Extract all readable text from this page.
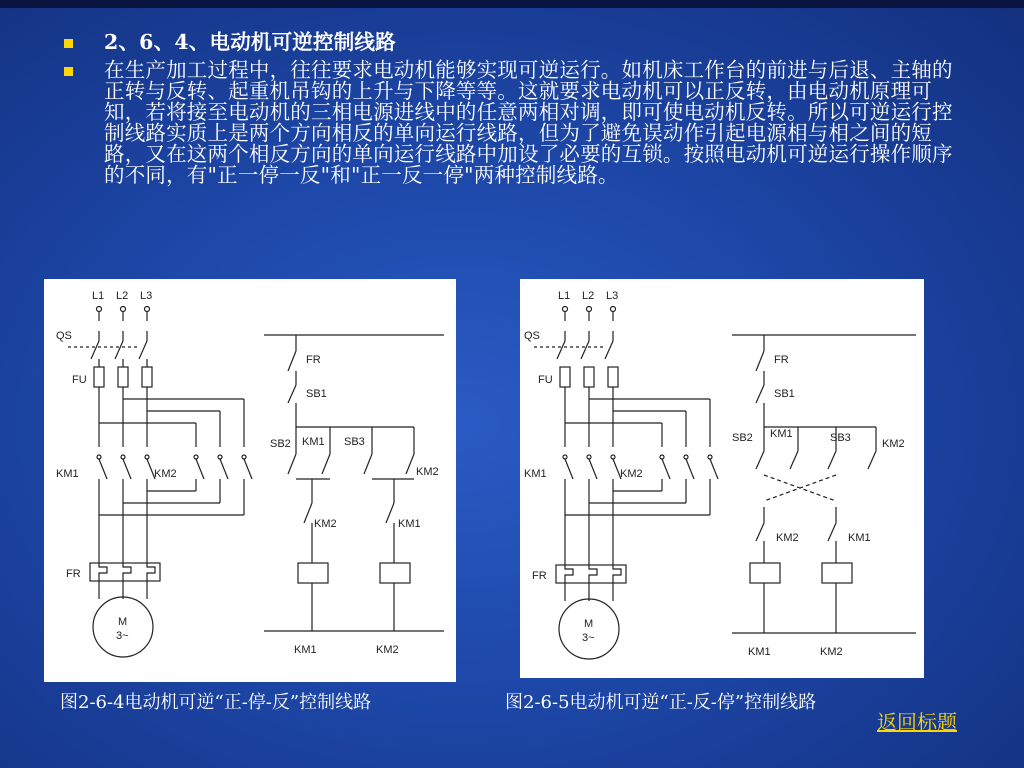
2、6、4、电动机可逆控制线路
在生产加工过程中，往往要求电动机能够实现可逆运行。如机床工作台的前进与后退、主轴的正转与反转、起重机吊钩的上升与下降等等。这就要求电动机可以正反转，由电动机原理可知，若将接至电动机的三相电源进线中的任意两相对调，即可使电动机反转。所以可逆运行控制线路实质上是两个方向相反的单向运行线路，但为了避免误动作引起电源相与相之间的短路，又在这两个相反方向的单向运行线路中加设了必要的互锁。按照电动机可逆运行操作顺序的不同，有"正一停一反"和"正一反一停"两种控制线路。
L1 L2 L3
QS
FU
KM1	KM2
FR
M
3~
FR
SB1
SB2 KM1 SB3
KM2
KM2	KM1
KM1	KM2
L1 L2 L3
QS
FU
KM1	KM2
FR
M
3~
FR
SB1
SB2 KM1	SB3	KM2
KM2	KM1
KM1	KM2
图2-6-4电动机可逆“正-停-反”控制线路	图2-6-5电动机可逆“正-反-停”控制线路
返回标题
